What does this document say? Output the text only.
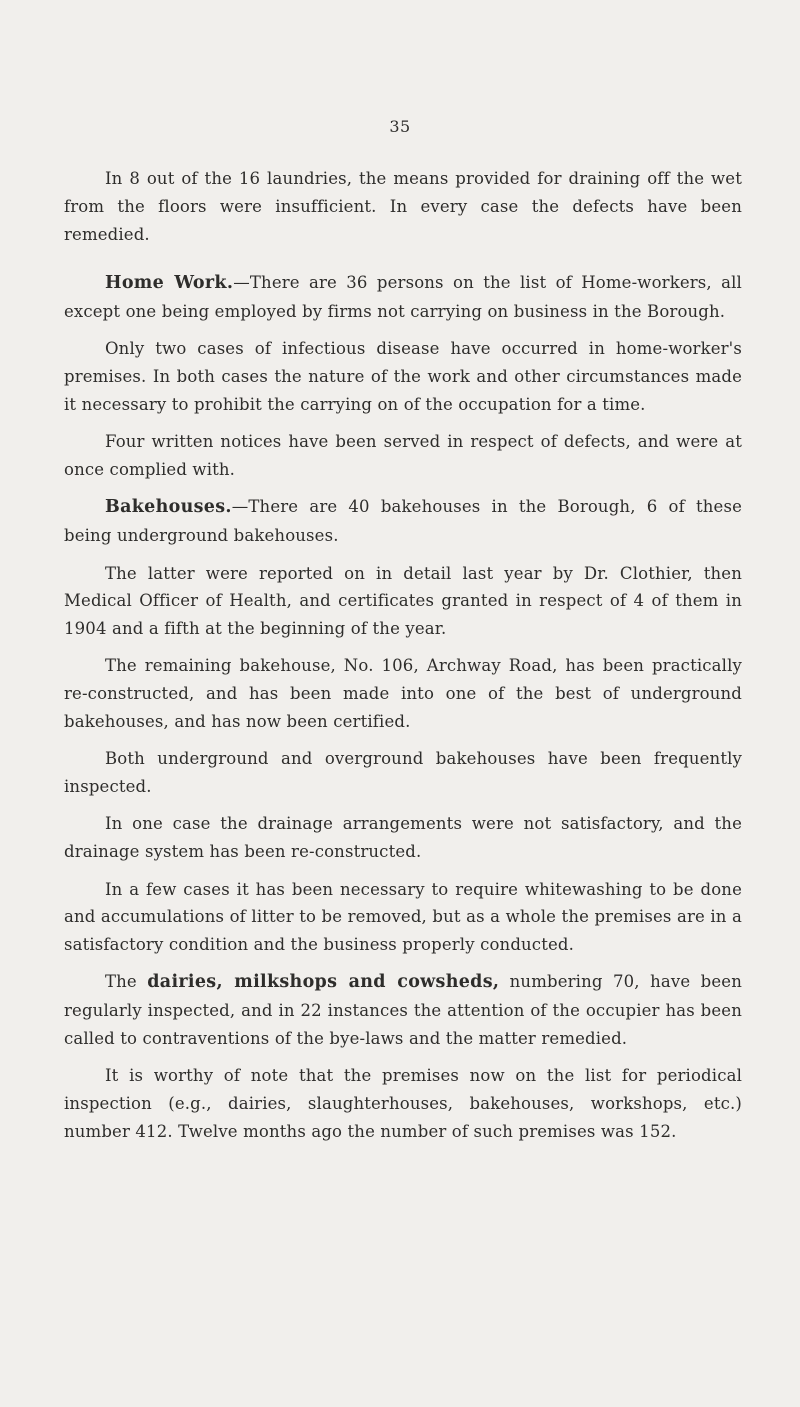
35

In 8 out of the 16 laundries, the means provided for draining off the wet from the floors were insufficient. In every case the defects have been remedied.

Home Work.—There are 36 persons on the list of Home-workers, all except one being employed by firms not carrying on business in the Borough.

Only two cases of infectious disease have occurred in home-worker's premises. In both cases the nature of the work and other circumstances made it necessary to prohibit the carrying on of the occupation for a time.

Four written notices have been served in respect of defects, and were at once complied with.

Bakehouses.—There are 40 bakehouses in the Borough, 6 of these being underground bakehouses.

The latter were reported on in detail last year by Dr. Clothier, then Medical Officer of Health, and certificates granted in respect of 4 of them in 1904 and a fifth at the beginning of the year.

The remaining bakehouse, No. 106, Archway Road, has been practically re-constructed, and has been made into one of the best of underground bakehouses, and has now been certified.

Both underground and overground bakehouses have been frequently inspected.

In one case the drainage arrangements were not satisfactory, and the drainage system has been re-constructed.

In a few cases it has been necessary to require whitewashing to be done and accumulations of litter to be removed, but as a whole the premises are in a satisfactory condition and the business properly conducted.

The dairies, milkshops and cowsheds, numbering 70, have been regularly inspected, and in 22 instances the attention of the occupier has been called to contraventions of the bye-laws and the matter remedied.

It is worthy of note that the premises now on the list for periodical inspection (e.g., dairies, slaughterhouses, bakehouses, workshops, etc.) number 412. Twelve months ago the number of such premises was 152.
